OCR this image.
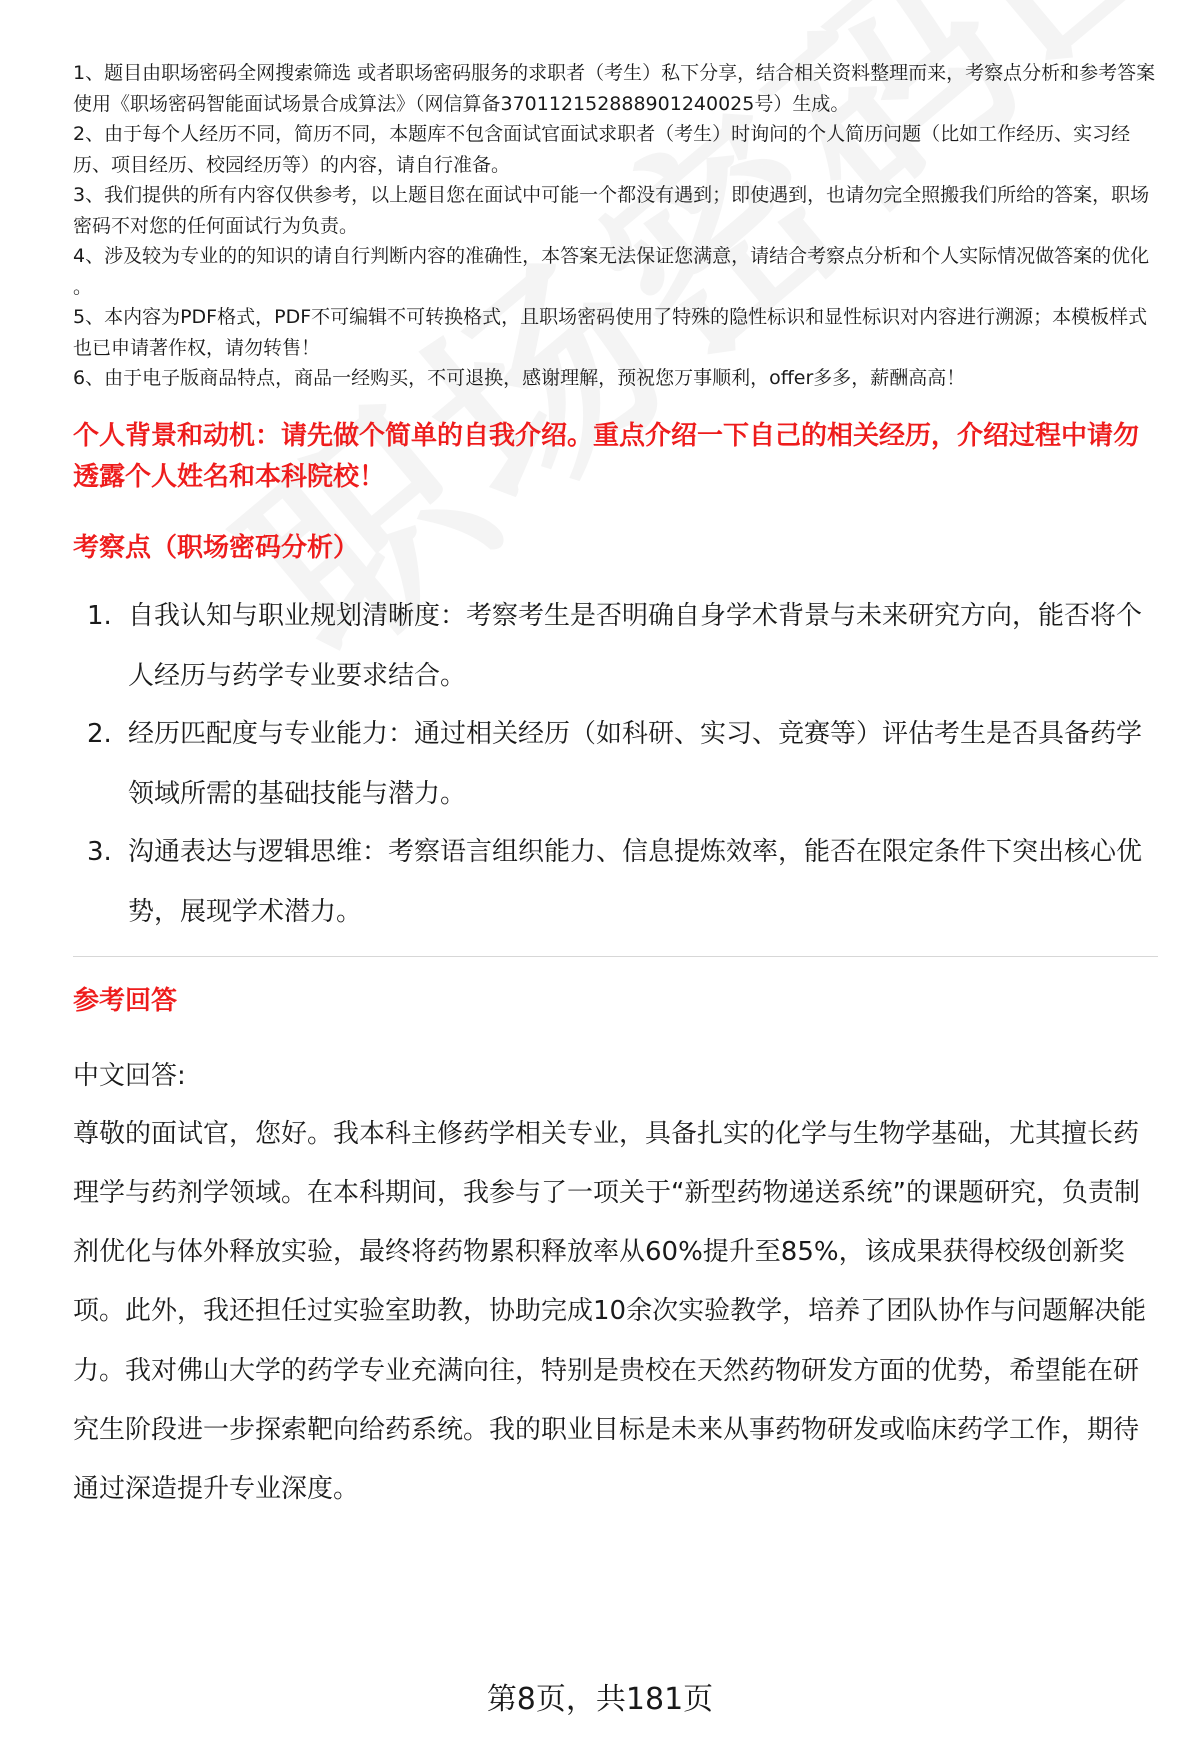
1、题目由职场密码全网搜索筛选 或者职场密码服务的求职者（考生）私下分享，结合相关资料整理而来，考察点分析和参考答案使用《职场密码智能面试场景合成算法》（网信算备370112152888901240025号）生成。

2、由于每个人经历不同，简历不同，本题库不包含面试官面试求职者（考生）时询问的个人简历问题（比如工作经历、实习经历、项目经历、校园经历等）的内容，请自行准备。

3、我们提供的所有内容仅供参考，以上题目您在面试中可能一个都没有遇到；即使遇到，也请勿完全照搬我们所给的答案，职场密码不对您的任何面试行为负责。

4、涉及较为专业的的知识的请自行判断内容的准确性，本答案无法保证您满意，请结合考察点分析和个人实际情况做答案的优化 。

5、本内容为PDF格式，PDF不可编辑不可转换格式，且职场密码使用了特殊的隐性标识和显性标识对内容进行溯源；本模板样式也已申请著作权，请勿转售！

6、由于电子版商品特点，商品一经购买，不可退换，感谢理解，预祝您万事顺利，offer多多，薪酬高高！

个人背景和动机：请先做个简单的自我介绍。重点介绍一下自己的相关经历，介绍过程中请勿透露个人姓名和本科院校！
考察点（职场密码分析）
1. 自我认知与职业规划清晰度：考察考生是否明确自身学术背景与未来研究方向，能否将个人经历与药学专业要求结合。
2. 经历匹配度与专业能力：通过相关经历（如科研、实习、竞赛等）评估考生是否具备药学领域所需的基础技能与潜力。
3. 沟通表达与逻辑思维：考察语言组织能力、信息提炼效率，能否在限定条件下突出核心优势，展现学术潜力。
参考回答

中文回答:

尊敬的面试官，您好。我本科主修药学相关专业，具备扎实的化学与生物学基础，尤其擅长药理学与药剂学领域。在本科期间，我参与了一项关于“新型药物递送系统”的课题研究，负责制剂优化与体外释放实验，最终将药物累积释放率从60%提升至85%，该成果获得校级创新奖项。此外，我还担任过实验室助教，协助完成10余次实验教学，培养了团队协作与问题解决能力。我对佛山大学的药学专业充满向往，特别是贵校在天然药物研发方面的优势，希望能在研究生阶段进一步探索靶向给药系统。我的职业目标是未来从事药物研发或临床药学工作，期待通过深造提升专业深度。

第8页，共181页
